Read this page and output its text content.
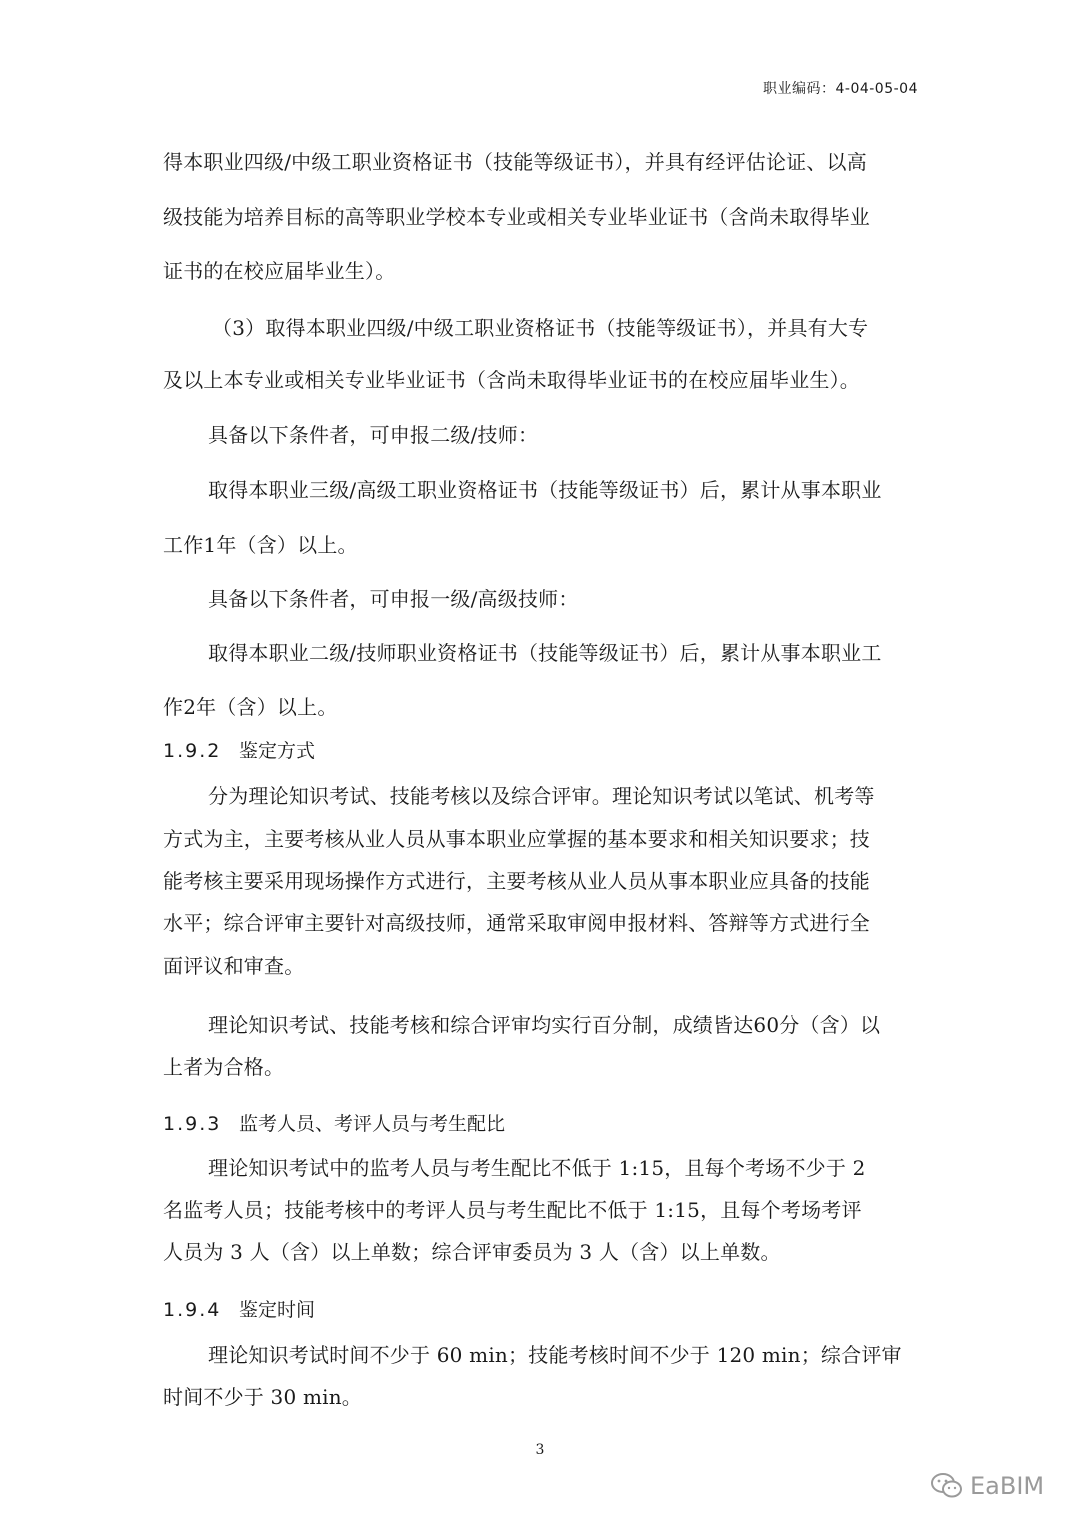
职业编码：4-04-05-04
得本职业四级/中级工职业资格证书（技能等级证书），并具有经评估论证、以高
级技能为培养目标的高等职业学校本专业或相关专业毕业证书（含尚未取得毕业
证书的在校应届毕业生）。
（3）取得本职业四级/中级工职业资格证书（技能等级证书），并具有大专
及以上本专业或相关专业毕业证书（含尚未取得毕业证书的在校应届毕业生）。
具备以下条件者，可申报二级/技师：
取得本职业三级/高级工职业资格证书（技能等级证书）后，累计从事本职业
工作1年（含）以上。
具备以下条件者，可申报一级/高级技师：
取得本职业二级/技师职业资格证书（技能等级证书）后，累计从事本职业工
作2年（含）以上。
1.9.2 鉴定方式
分为理论知识考试、技能考核以及综合评审。理论知识考试以笔试、机考等
方式为主，主要考核从业人员从事本职业应掌握的基本要求和相关知识要求；技
能考核主要采用现场操作方式进行，主要考核从业人员从事本职业应具备的技能
水平；综合评审主要针对高级技师，通常采取审阅申报材料、答辩等方式进行全
面评议和审查。
理论知识考试、技能考核和综合评审均实行百分制，成绩皆达60分（含）以
上者为合格。
1.9.3 监考人员、考评人员与考生配比
理论知识考试中的监考人员与考生配比不低于 1:15，且每个考场不少于 2
名监考人员；技能考核中的考评人员与考生配比不低于 1:15，且每个考场考评
人员为 3 人（含）以上单数；综合评审委员为 3 人（含）以上单数。
1.9.4 鉴定时间
理论知识考试时间不少于 60 min；技能考核时间不少于 120 min；综合评审
时间不少于 30 min。
3
EaBIM
